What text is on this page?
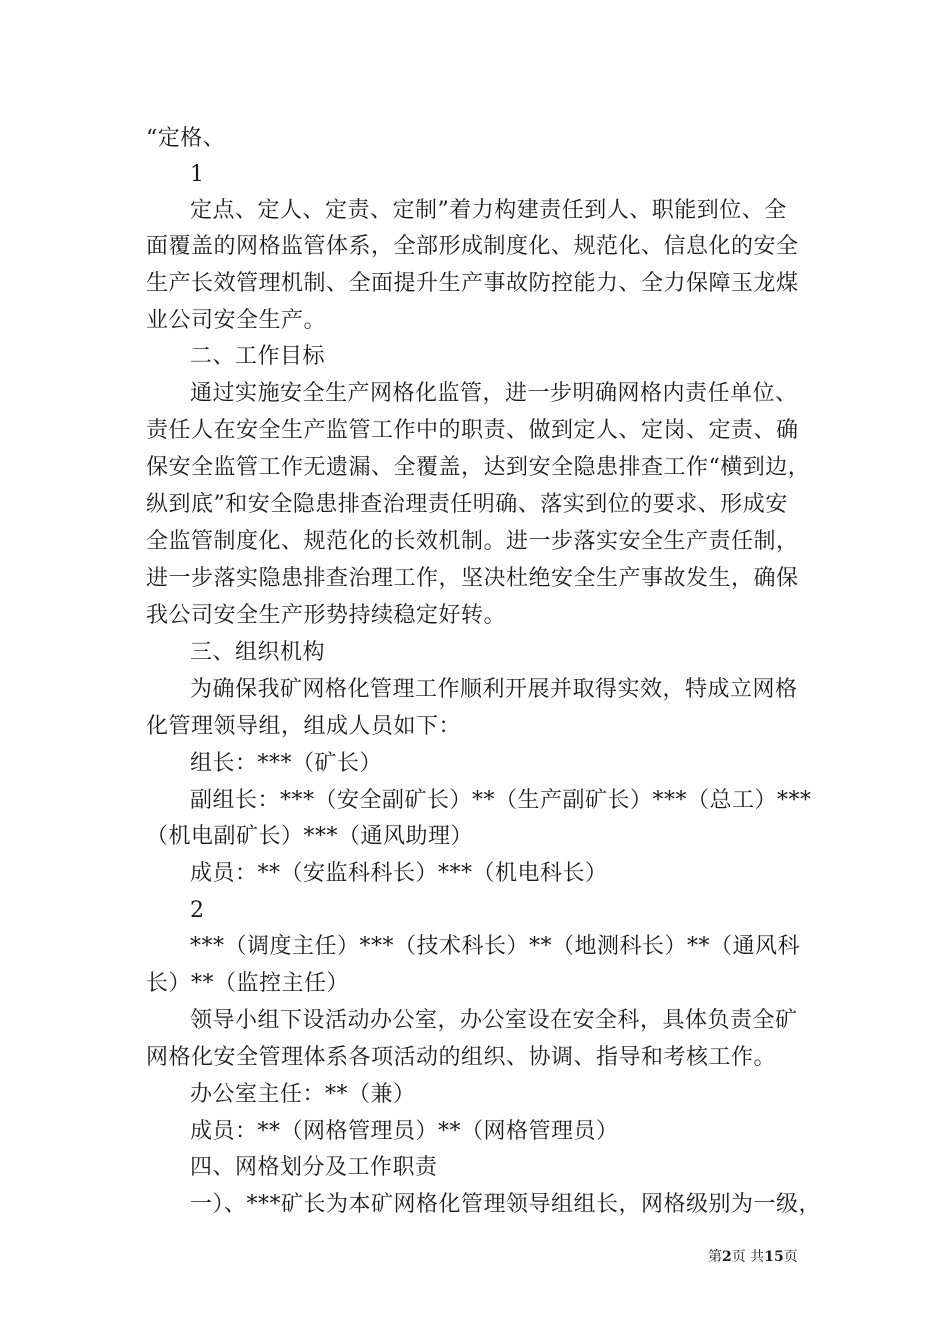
“定格、
1
定点、定人、定责、定制”着力构建责任到人、职能到位、全
面覆盖的网格监管体系，全部形成制度化、规范化、信息化的安全
生产长效管理机制、全面提升生产事故防控能力、全力保障玉龙煤
业公司安全生产。
二、工作目标
通过实施安全生产网格化监管，进一步明确网格内责任单位、
责任人在安全生产监管工作中的职责、做到定人、定岗、定责、确
保安全监管工作无遗漏、全覆盖，达到安全隐患排查工作“横到边，
纵到底”和安全隐患排查治理责任明确、落实到位的要求、形成安
全监管制度化、规范化的长效机制。进一步落实安全生产责任制，
进一步落实隐患排查治理工作，坚决杜绝安全生产事故发生，确保
我公司安全生产形势持续稳定好转。
三、组织机构
为确保我矿网格化管理工作顺利开展并取得实效，特成立网格
化管理领导组，组成人员如下：
组长：***（矿长）
副组长：***（安全副矿长）**（生产副矿长）***（总工）***
（机电副矿长）***（通风助理）
成员：**（安监科科长）***（机电科长）
2
***（调度主任）***（技术科长）**（地测科长）**（通风科
长）**（监控主任）
领导小组下设活动办公室，办公室设在安全科，具体负责全矿
网格化安全管理体系各项活动的组织、协调、指导和考核工作。
办公室主任：**（兼）
成员：**（网格管理员）**（网格管理员）
四、网格划分及工作职责
一）、***矿长为本矿网格化管理领导组组长，网格级别为一级，
第2页 共15页
